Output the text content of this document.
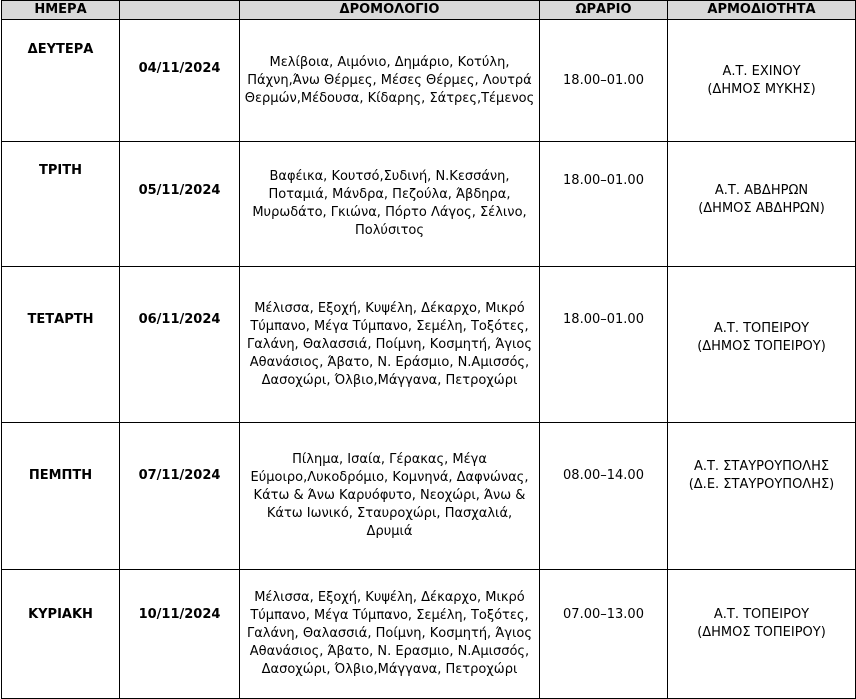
ΗΜΕΡΑ		ΔΡΟΜΟΛΟΓΙΟ	ΩΡΑΡΙΟ	ΑΡΜΟΔΙΟΤΗΤΑ
ΔΕΥΤΕΡΑ	04/11/2024	Μελίβοια, Αιμόνιο, Δημάριο, Κοτύλη,
Πάχνη,Άνω Θέρμες, Μέσες Θέρμες, Λουτρά
Θερμών,Μέδουσα, Κίδαρης, Σάτρες,Τέμενος	18.00–01.00	Α.Τ. ΕΧΙΝΟΥ
(ΔΗΜΟΣ ΜΥΚΗΣ)

ΤΡΙΤΗ	05/11/2024	Βαφέικα, Κουτσό,Συδινή, Ν.Κεσσάνη,
Ποταμιά, Μάνδρα, Πεζούλα, Άβδηρα,
Μυρωδάτο, Γκιώνα, Πόρτο Λάγος, Σέλινο,
Πολύσιτος	18.00–01.00	Α.Τ. ΑΒΔΗΡΩΝ
(ΔΗΜΟΣ ΑΒΔΗΡΩΝ)

ΤΕΤΑΡΤΗ	06/11/2024	Μέλισσα, Εξοχή, Κυψέλη, Δέκαρχο, Μικρό
Τύμπανο, Μέγα Τύμπανο, Σεμέλη, Τοξότες,
Γαλάνη, Θαλασσιά, Ποίμνη, Κοσμητή, Άγιος
Αθανάσιος, Άβατο, Ν. Εράσμιο, Ν.Αμισσός,
Δασοχώρι, Όλβιο,Μάγγανα, Πετροχώρι	18.00–01.00	Α.Τ. ΤΟΠΕΙΡΟΥ
(ΔΗΜΟΣ ΤΟΠΕΙΡΟΥ)

ΠΕΜΠΤΗ	07/11/2024	Πίλημα, Ισαία, Γέρακας, Μέγα
Εύμοιρο,Λυκοδρόμιο, Κομνηνά, Δαφνώνας,
Κάτω & Άνω Καρυόφυτο, Νεοχώρι, Άνω &
Κάτω Ιωνικό, Σταυροχώρι, Πασχαλιά, Δρυμιά	08.00–14.00	Α.Τ. ΣΤΑΥΡΟΥΠΟΛΗΣ
(Δ.Ε. ΣΤΑΥΡΟΥΠΟΛΗΣ)

ΚΥΡΙΑΚΗ	10/11/2024	Μέλισσα, Εξοχή, Κυψέλη, Δέκαρχο, Μικρό
Τύμπανο, Μέγα Τύμπανο, Σεμέλη, Τοξότες,
Γαλάνη, Θαλασσιά, Ποίμνη, Κοσμητή, Άγιος
Αθανάσιος, Άβατο, Ν. Ερασμιο, Ν.Αμισσός,
Δασοχώρι, Όλβιο,Μάγγανα, Πετροχώρι	07.00–13.00	Α.Τ. ΤΟΠΕΙΡΟΥ
(ΔΗΜΟΣ ΤΟΠΕΙΡΟΥ)
